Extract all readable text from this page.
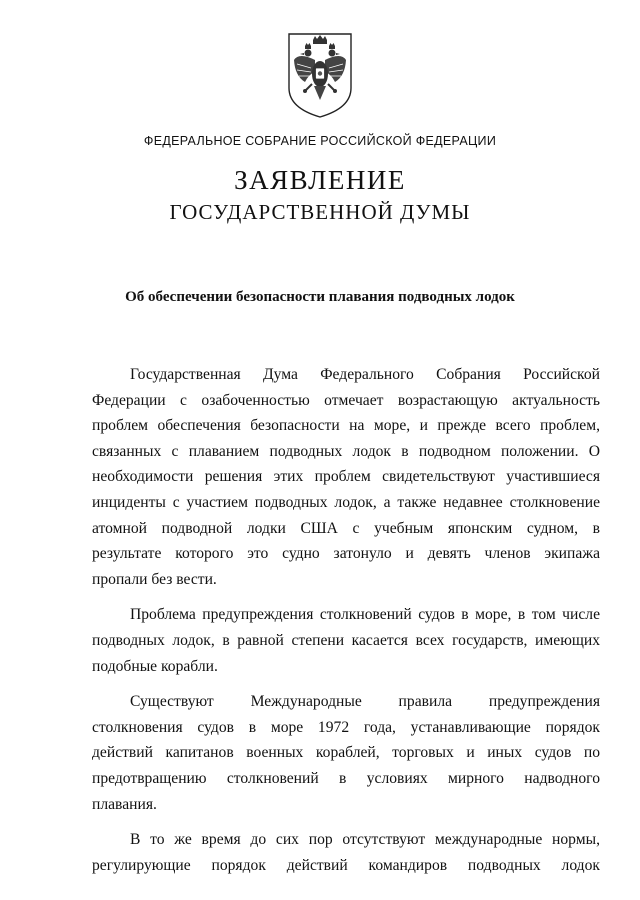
ФЕДЕРАЛЬНОЕ СОБРАНИЕ РОССИЙСКОЙ ФЕДЕРАЦИИ
ЗАЯВЛЕНИЕ
ГОСУДАРСТВЕННОЙ ДУМЫ
Об обеспечении безопасности плавания подводных лодок
Государственная Дума Федерального Собрания Российской
Федерации с озабоченностью отмечает возрастающую актуальность
проблем обеспечения безопасности на море, и прежде всего проблем,
связанных с плаванием подводных лодок в подводном положении. О
необходимости решения этих проблем свидетельствуют участившиеся
инциденты с участием подводных лодок, а также недавнее столкновение
атомной подводной лодки США с учебным японским судном, в
результате которого это судно затонуло и девять членов экипажа
пропали без вести.
Проблема предупреждения столкновений судов в море, в том числе
подводных лодок, в равной степени касается всех государств, имеющих
подобные корабли.
Существуют Международные правила предупреждения
столкновения судов в море 1972 года, устанавливающие порядок
действий капитанов военных кораблей, торговых и иных судов по
предотвращению столкновений в условиях мирного надводного
плавания.
В то же время до сих пор отсутствуют международные нормы,
регулирующие порядок действий командиров подводных лодок
